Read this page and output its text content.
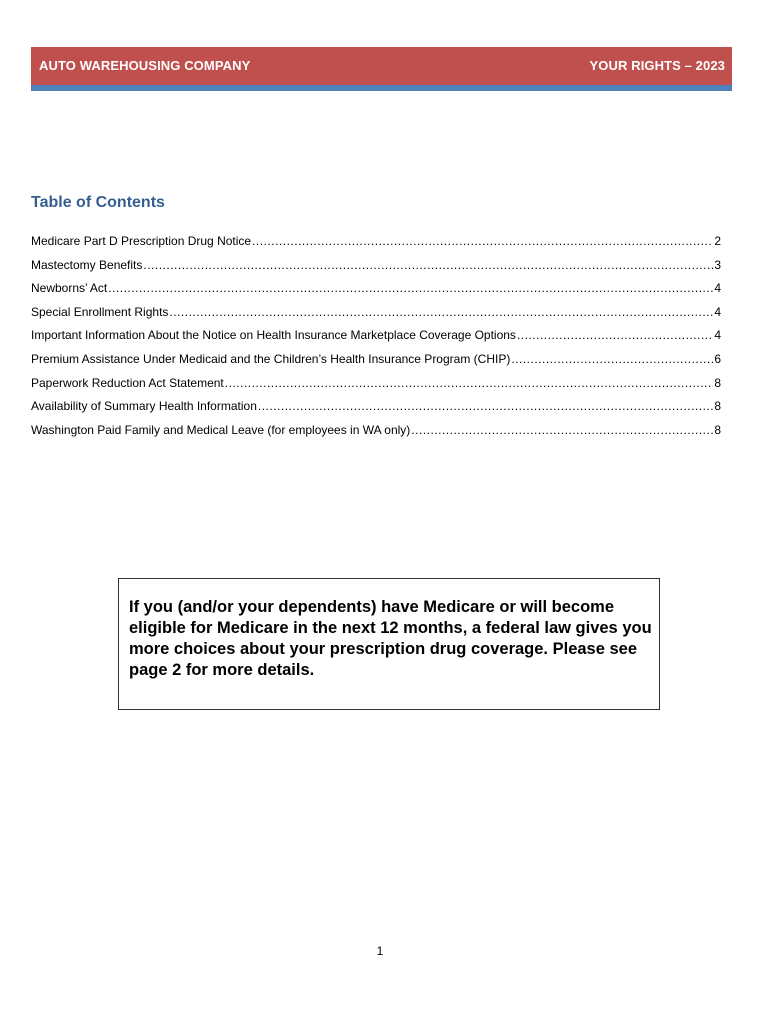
AUTO WAREHOUSING COMPANY	YOUR RIGHTS – 2023
Table of Contents
Medicare Part D Prescription Drug Notice .....	2
Mastectomy Benefits .....	3
Newborns’ Act .....	4
Special Enrollment Rights .....	4
Important Information About the Notice on Health Insurance Marketplace Coverage Options .....	4
Premium Assistance Under Medicaid and the Children’s Health Insurance Program (CHIP) .....	6
Paperwork Reduction Act Statement .....	8
Availability of Summary Health Information .....	8
Washington Paid Family and Medical Leave (for employees in WA only) .....	8

If you (and/or your dependents) have Medicare or will become eligible for Medicare in the next 12 months, a federal law gives you more choices about your prescription drug coverage. Please see page 2 for more details.

1
